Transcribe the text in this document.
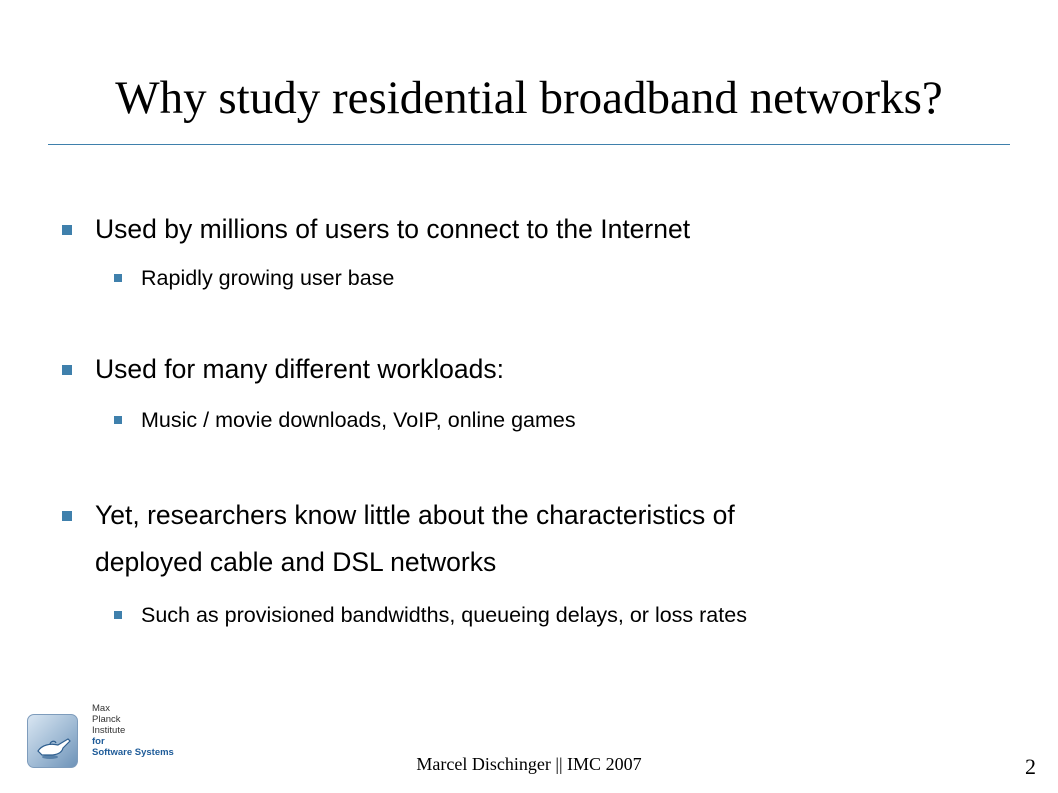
Why study residential broadband networks?
Used by millions of users to connect to the Internet
Rapidly growing user base
Used for many different workloads:
Music / movie downloads, VoIP, online games
Yet, researchers know little about the characteristics of
deployed cable and DSL networks
Such as provisioned bandwidths, queueing delays, or loss rates
Max
Planck
Institute
for
Software Systems
Marcel Dischinger || IMC 2007	2
